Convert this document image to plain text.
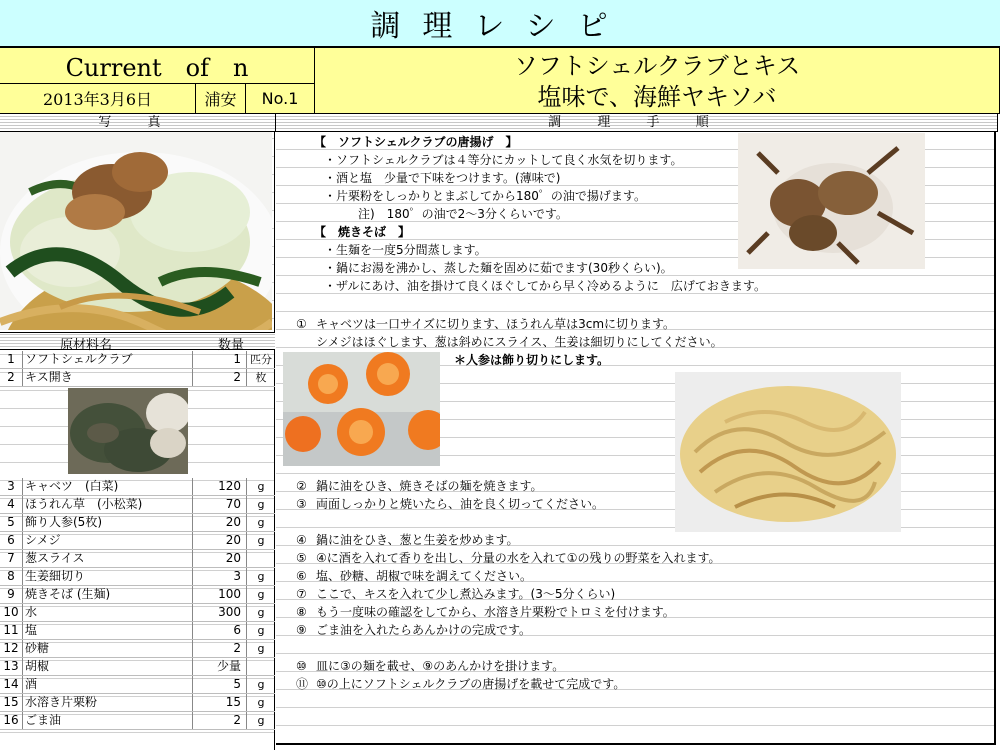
調理レシピ
Current　of　n
2013年3月6日	浦安	No.1
ソフトシェルクラブとキス
塩味で、海鮮ヤキソバ
写 真	調 理 手 順
原材料名	数量
1 ソフトシェルクラブ	1 匹分
2 キス開き	2	枚
3 キャベツ　(白菜)	120	g
4 ほうれん草　(小松菜)	70	g
5 飾り人参(5枚)	20	g
6 シメジ	20	g
7 葱スライス	20
8 生姜細切り	3	g
9 焼きそば (生麺)	100	g
10 水	300	g
11 塩	6	g
12 砂糖	2	g
13 胡椒	少量
14 酒	5	g
15 水溶き片栗粉	15	g
16 ごま油	2	g
【　ソフトシェルクラブの唐揚げ　】
・ソフトシェルクラブは４等分にカットして良く水気を切ります。
・酒と塩　少量で下味をつけます。(薄味で)
・片栗粉をしっかりとまぶしてから180゜の油で揚げます。
注)　180゜の油で2～3分くらいです。
【　焼きそば　】
・生麺を一度5分間蒸します。
・鍋にお湯を沸かし、蒸した麺を固めに茹でます(30秒くらい)。
・ザルにあけ、油を掛けて良くほぐしてから早く冷めるように　広げておきます。
① キャベツは一口サイズに切ります、ほうれん草は3cmに切ります。
シメジはほぐします、葱は斜めにスライス、生姜は細切りにしてください。
＊人参は飾り切りにします。
② 鍋に油をひき、焼きそばの麺を焼きます。
③ 両面しっかりと焼いたら、油を良く切ってください。
④ 鍋に油をひき、葱と生姜を炒めます。
⑤ ④に酒を入れて香りを出し、分量の水を入れて①の残りの野菜を入れます。
⑥ 塩、砂糖、胡椒で味を調えてください。
⑦ ここで、キスを入れて少し煮込みます。(3～5分くらい)
⑧ もう一度味の確認をしてから、水溶き片栗粉でトロミを付けます。
⑨ ごま油を入れたらあんかけの完成です。
⑩ 皿に③の麺を載せ、⑨のあんかけを掛けます。
⑪ ⑩の上にソフトシェルクラブの唐揚げを載せて完成です。
